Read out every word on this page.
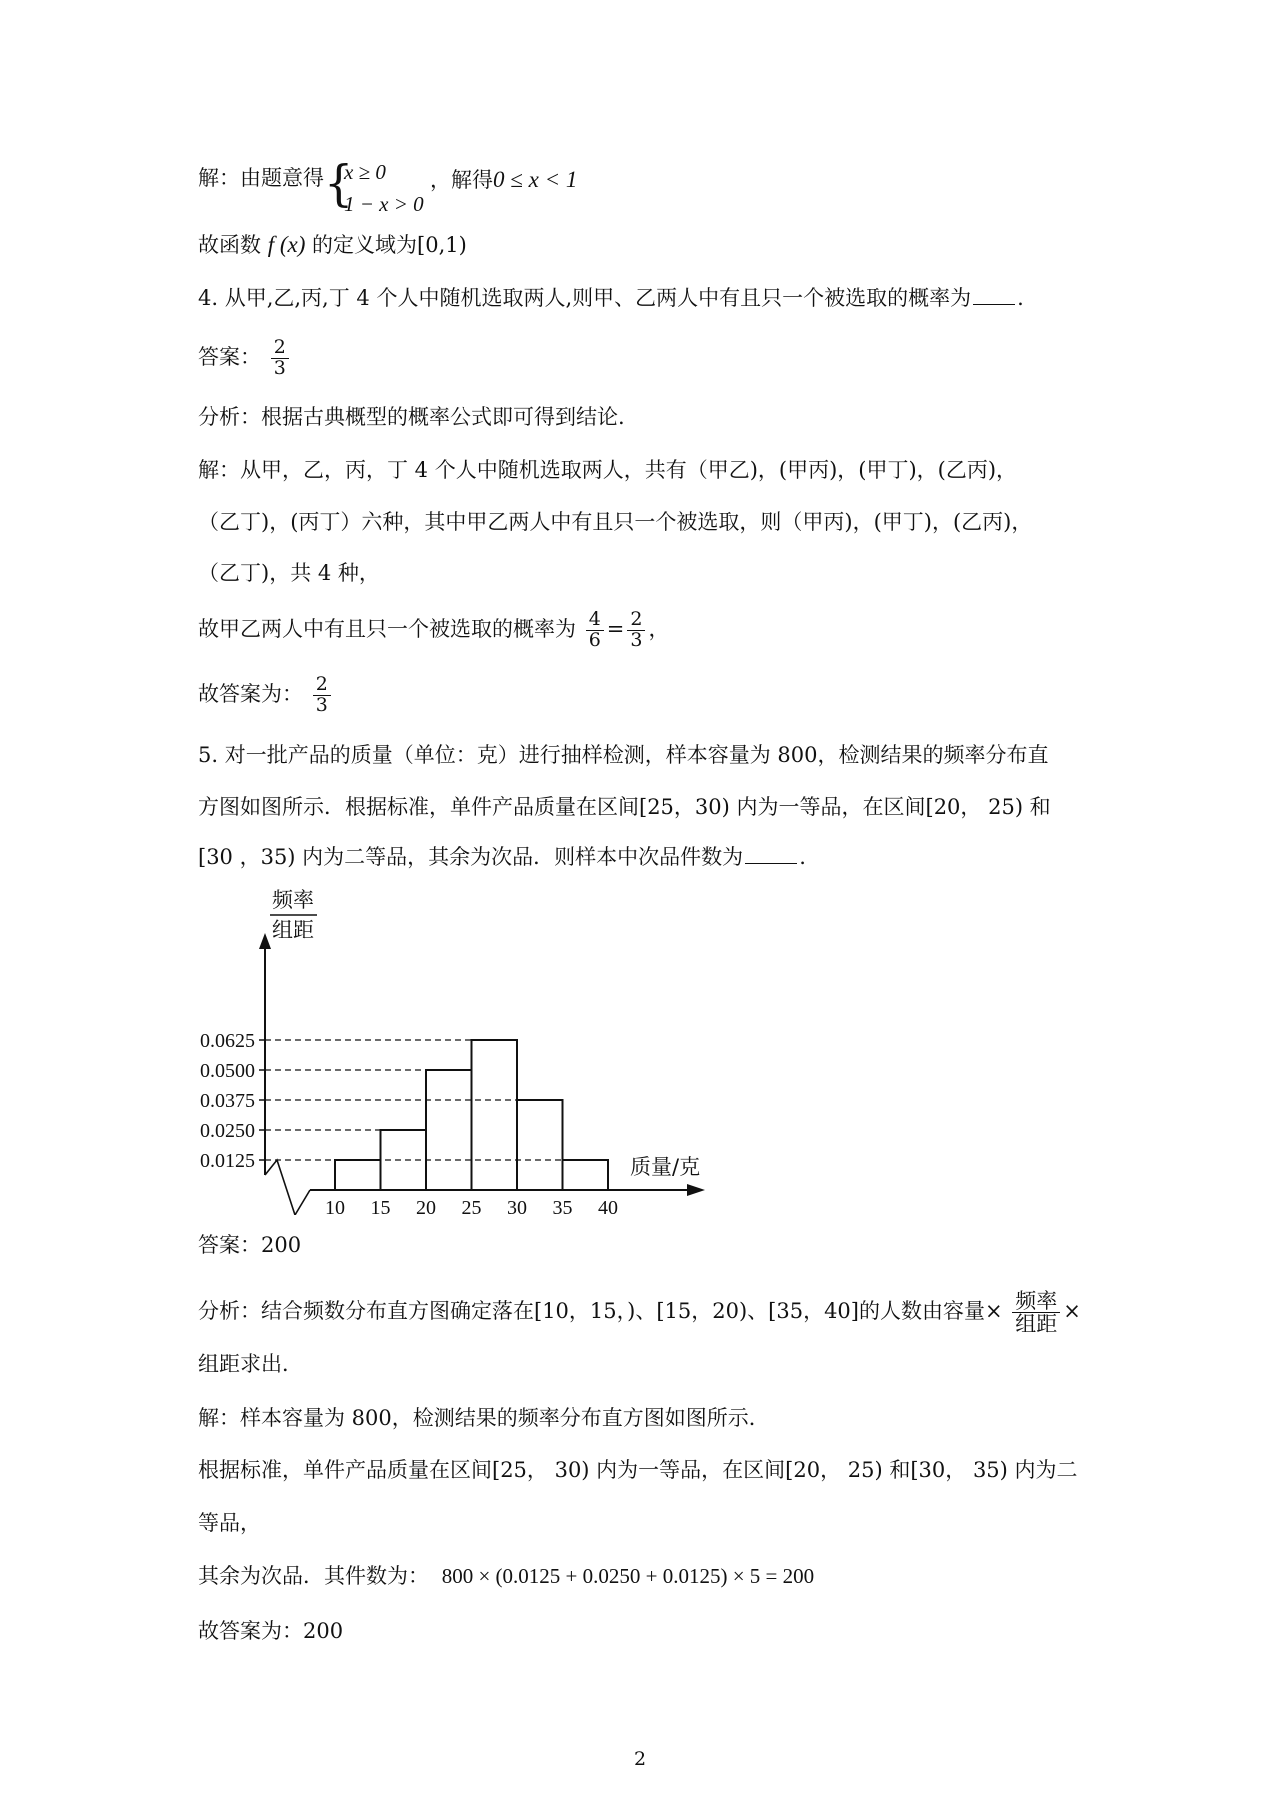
解：由题意得 {
x ≥ 0
1 − x > 0
，解得0 ≤ x < 1
故函数 f (x) 的定义域为[0,1)
4. 从甲,乙,丙,丁 4 个人中随机选取两人,则甲、乙两人中有且只一个被选取的概率为 .
答案： $\frac{2}{3}$
分析：根据古典概型的概率公式即可得到结论.
解：从甲，乙，丙，丁 4 个人中随机选取两人，共有（甲乙)，(甲丙)，(甲丁)，(乙丙)，
（乙丁)，(丙丁）六种，其中甲乙两人中有且只一个被选取，则（甲丙)，(甲丁)，(乙丙)，
（乙丁)，共 4 种，
故甲乙两人中有且只一个被选取的概率为 $\frac{4}{6} = \frac{2}{3}$ ，
故答案为： $\frac{2}{3}$
5. 对一批产品的质量（单位：克）进行抽样检测，样本容量为 800，检测结果的频率分布直
方图如图所示．根据标准，单件产品质量在区间[25，30) 内为一等品，在区间[20， 25) 和
[30 ，35) 内为二等品，其余为次品．则样本中次品件数为	.
0.0625
0.0500
0.0375
0.0250
0.0125
10 15 20 25 30 35 40
频率
组距
质量/克
答案：200
分析：结合频数分布直方图确定落在[10，15，)、[15，20)、[35，40]的人数由容量× $\frac{\text{频率}}{\text{组距}}$ ×
组距求出．
解：样本容量为 800，检测结果的频率分布直方图如图所示．
根据标准，单件产品质量在区间[25， 30) 内为一等品，在区间[20， 25) 和[30， 35) 内为二
等品，
其余为次品．其件数为： 800 × (0.0125 + 0.0250 + 0.0125) × 5 = 200
故答案为：200
2
